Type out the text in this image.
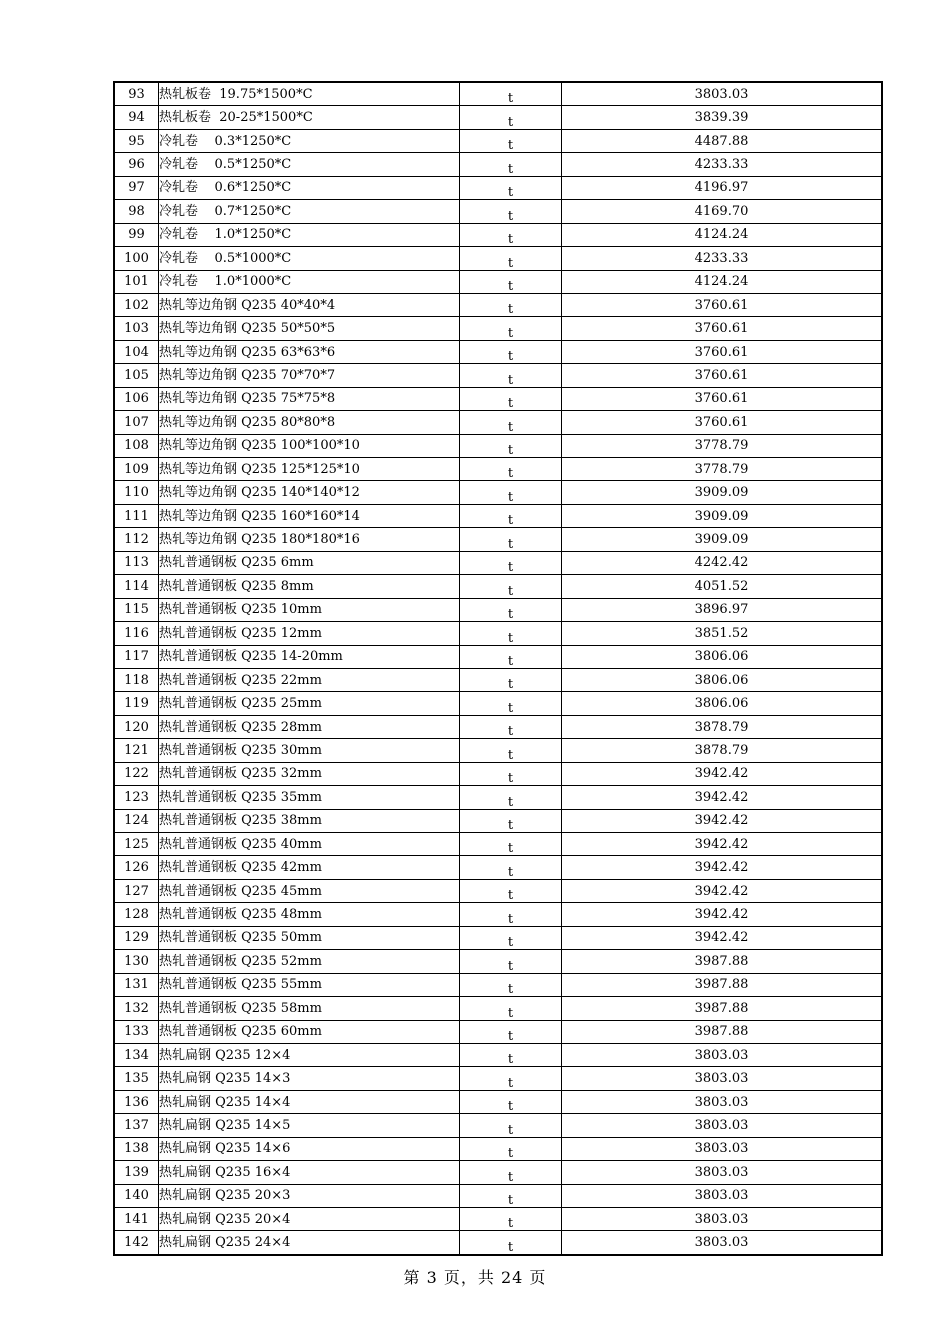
93	热轧板卷  19.75*1500*C	t	3803.03
94	热轧板卷  20-25*1500*C	t	3839.39
95	冷轧卷    0.3*1250*C	t	4487.88
96	冷轧卷    0.5*1250*C	t	4233.33
97	冷轧卷    0.6*1250*C	t	4196.97
98	冷轧卷    0.7*1250*C	t	4169.70
99	冷轧卷    1.0*1250*C	t	4124.24
100	冷轧卷    0.5*1000*C	t	4233.33
101	冷轧卷    1.0*1000*C	t	4124.24
102	热轧等边角钢 Q235 40*40*4	t	3760.61
103	热轧等边角钢 Q235 50*50*5	t	3760.61
104	热轧等边角钢 Q235 63*63*6	t	3760.61
105	热轧等边角钢 Q235 70*70*7	t	3760.61
106	热轧等边角钢 Q235 75*75*8	t	3760.61
107	热轧等边角钢 Q235 80*80*8	t	3760.61
108	热轧等边角钢 Q235 100*100*10	t	3778.79
109	热轧等边角钢 Q235 125*125*10	t	3778.79
110	热轧等边角钢 Q235 140*140*12	t	3909.09
111	热轧等边角钢 Q235 160*160*14	t	3909.09
112	热轧等边角钢 Q235 180*180*16	t	3909.09
113	热轧普通钢板 Q235 6mm	t	4242.42
114	热轧普通钢板 Q235 8mm	t	4051.52
115	热轧普通钢板 Q235 10mm	t	3896.97
116	热轧普通钢板 Q235 12mm	t	3851.52
117	热轧普通钢板 Q235 14-20mm	t	3806.06
118	热轧普通钢板 Q235 22mm	t	3806.06
119	热轧普通钢板 Q235 25mm	t	3806.06
120	热轧普通钢板 Q235 28mm	t	3878.79
121	热轧普通钢板 Q235 30mm	t	3878.79
122	热轧普通钢板 Q235 32mm	t	3942.42
123	热轧普通钢板 Q235 35mm	t	3942.42
124	热轧普通钢板 Q235 38mm	t	3942.42
125	热轧普通钢板 Q235 40mm	t	3942.42
126	热轧普通钢板 Q235 42mm	t	3942.42
127	热轧普通钢板 Q235 45mm	t	3942.42
128	热轧普通钢板 Q235 48mm	t	3942.42
129	热轧普通钢板 Q235 50mm	t	3942.42
130	热轧普通钢板 Q235 52mm	t	3987.88
131	热轧普通钢板 Q235 55mm	t	3987.88
132	热轧普通钢板 Q235 58mm	t	3987.88
133	热轧普通钢板 Q235 60mm	t	3987.88
134	热轧扁钢 Q235 12×4	t	3803.03
135	热轧扁钢 Q235 14×3	t	3803.03
136	热轧扁钢 Q235 14×4	t	3803.03
137	热轧扁钢 Q235 14×5	t	3803.03
138	热轧扁钢 Q235 14×6	t	3803.03
139	热轧扁钢 Q235 16×4	t	3803.03
140	热轧扁钢 Q235 20×3	t	3803.03
141	热轧扁钢 Q235 20×4	t	3803.03
142	热轧扁钢 Q235 24×4	t	3803.03
第 3 页，共 24 页
